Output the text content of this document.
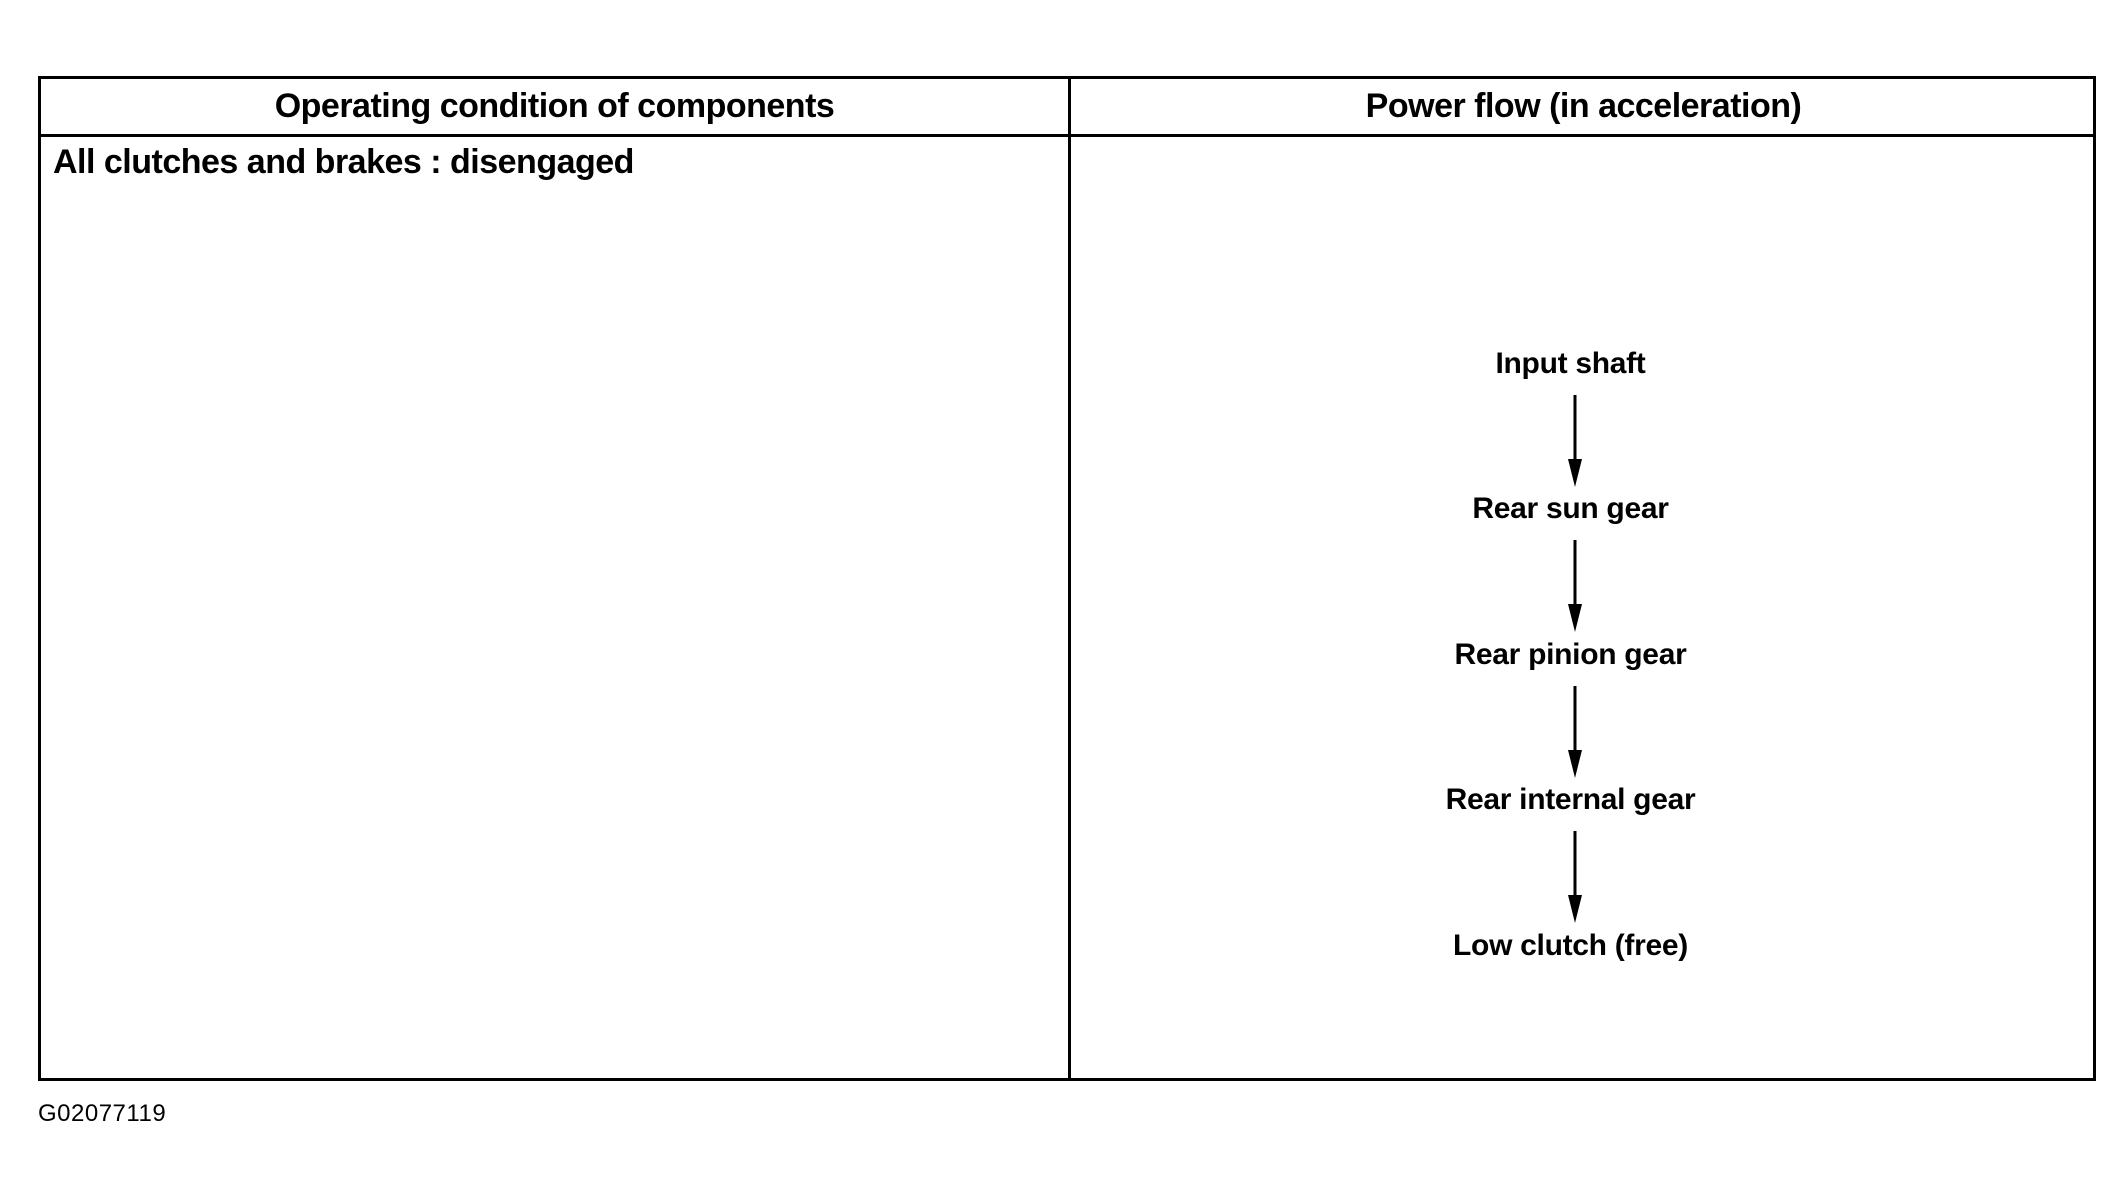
Operating condition of components	Power flow (in acceleration)
All clutches and brakes : disengaged
Input shaft
Rear sun gear
Rear pinion gear
Rear internal gear
Low clutch (free)
G02077119
